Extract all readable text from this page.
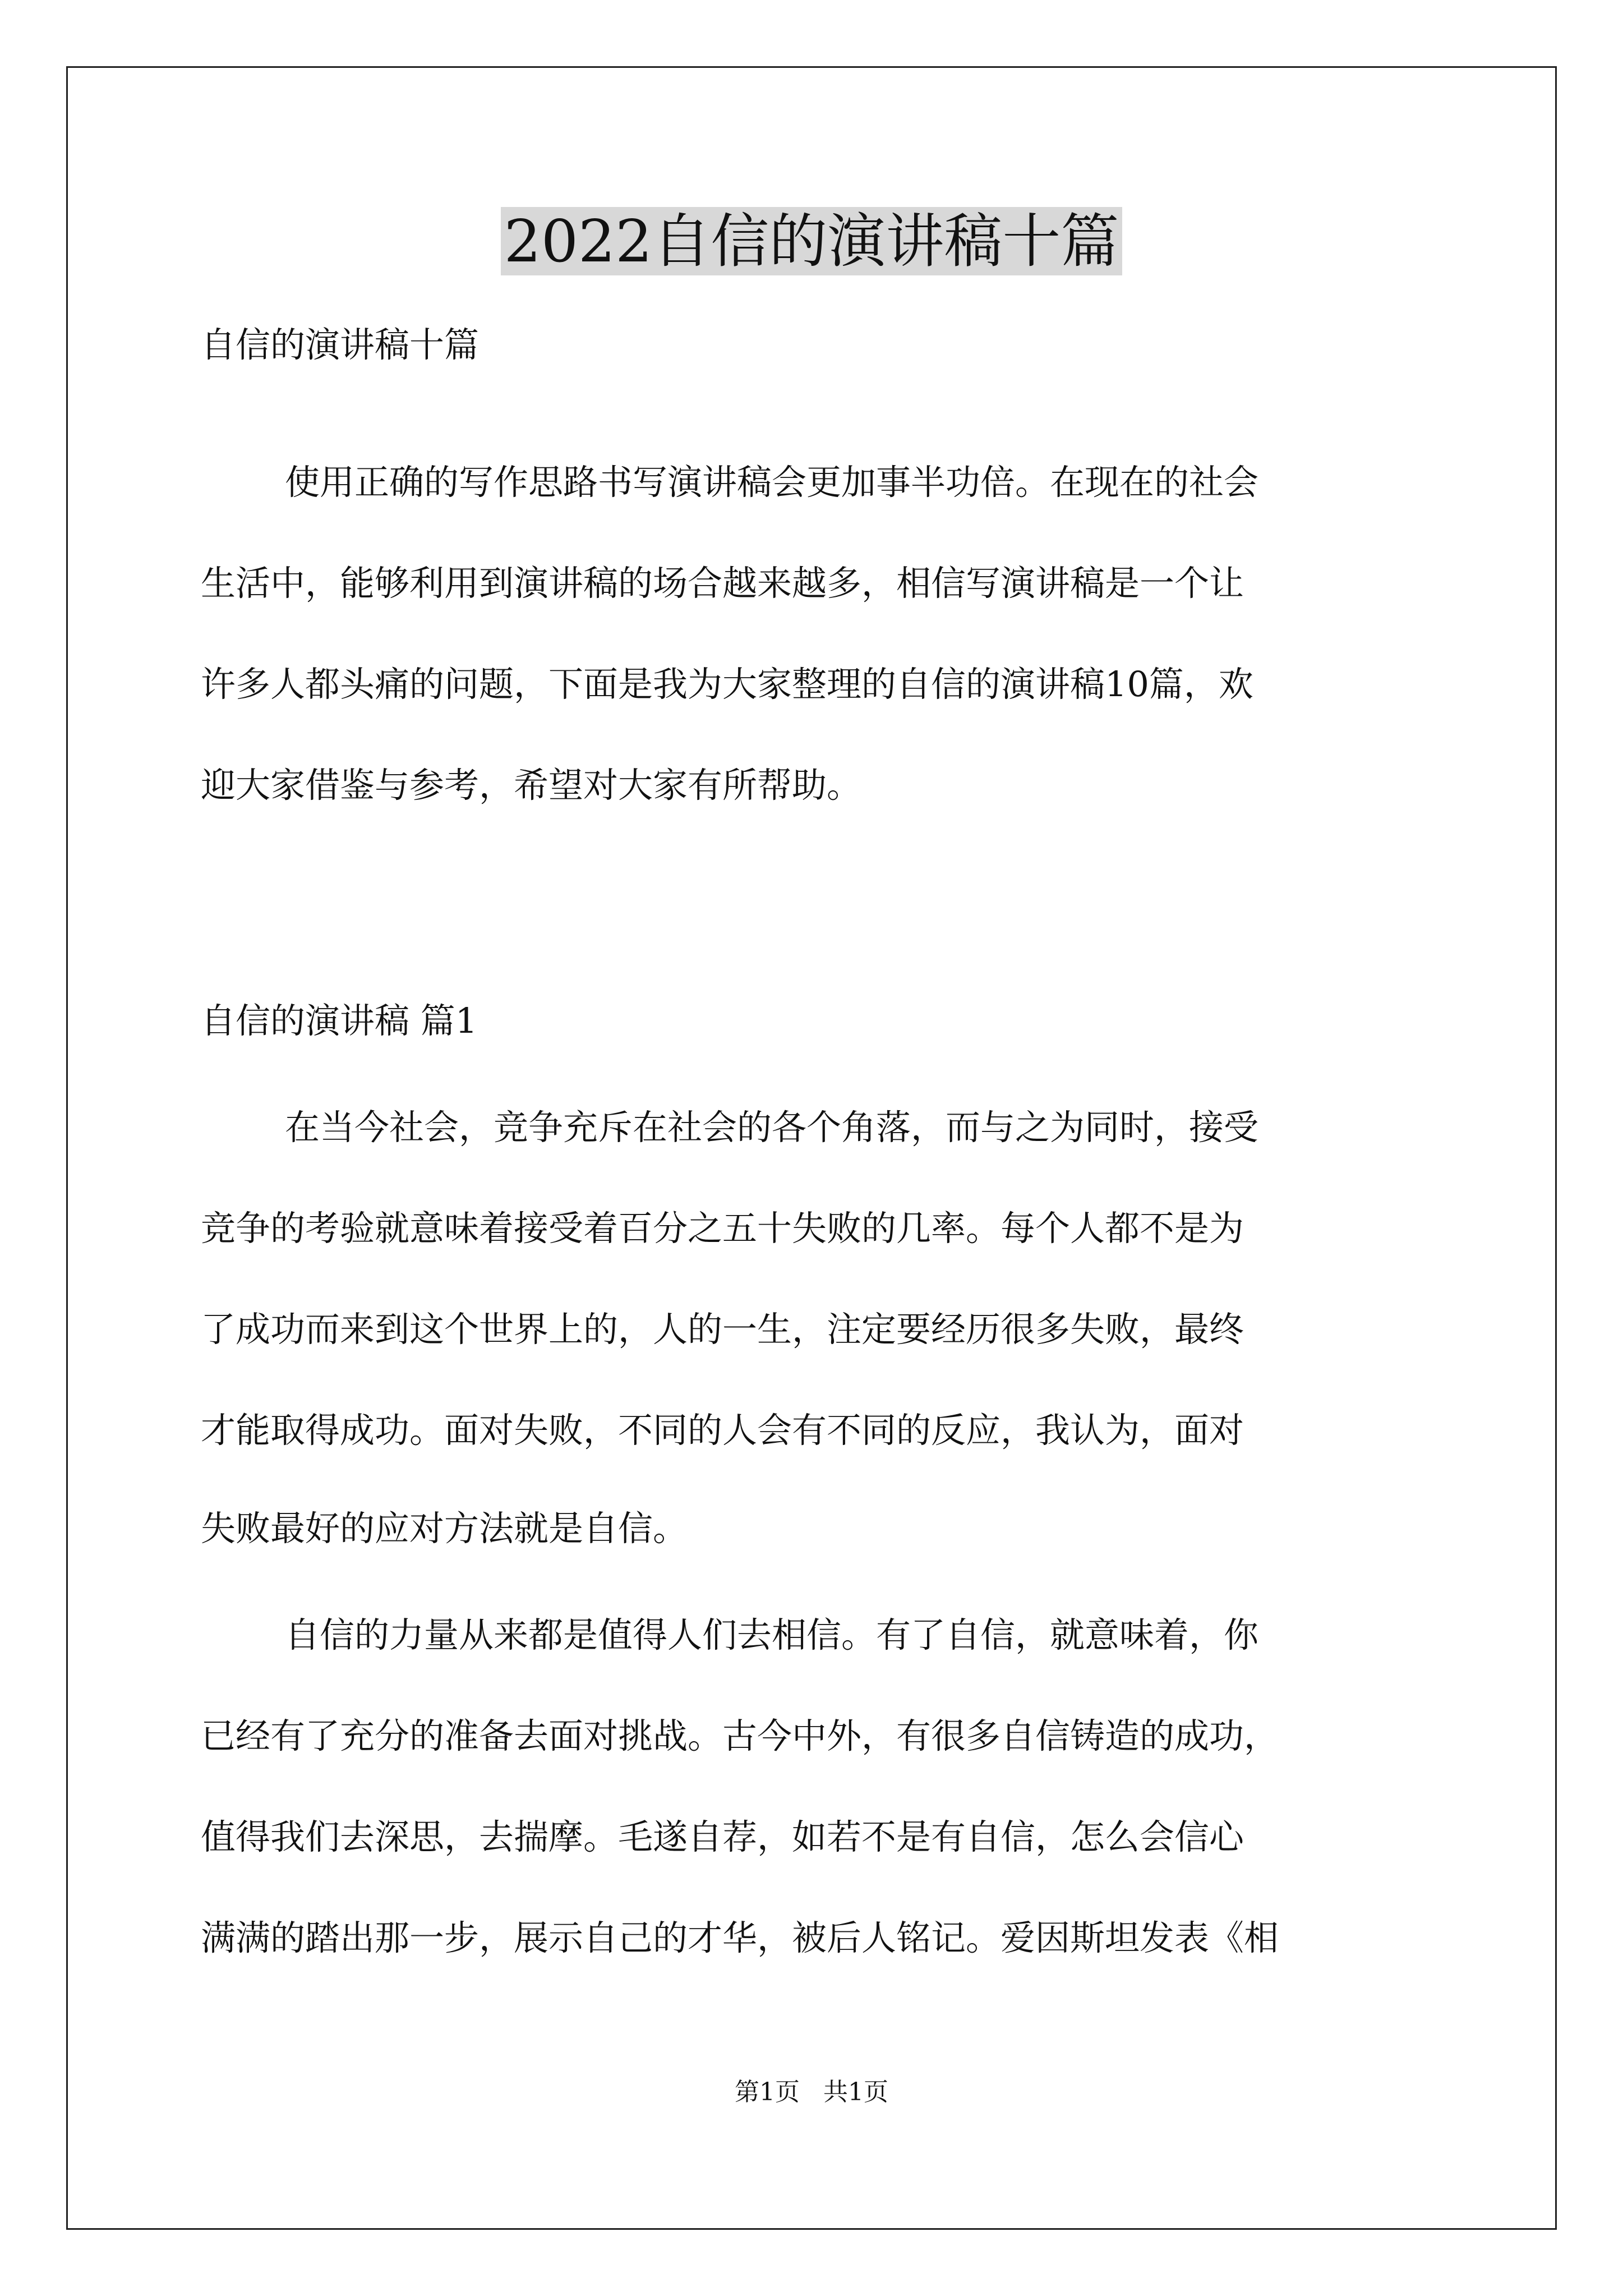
2022自信的演讲稿十篇

自信的演讲稿十篇

使用正确的写作思路书写演讲稿会更加事半功倍。在现在的社会

生活中，能够利用到演讲稿的场合越来越多，相信写演讲稿是一个让

许多人都头痛的问题，下面是我为大家整理的自信的演讲稿10篇，欢

迎大家借鉴与参考，希望对大家有所帮助。

自信的演讲稿 篇1

在当今社会，竞争充斥在社会的各个角落，而与之为同时，接受

竞争的考验就意味着接受着百分之五十失败的几率。每个人都不是为

了成功而来到这个世界上的，人的一生，注定要经历很多失败，最终

才能取得成功。面对失败，不同的人会有不同的反应，我认为，面对

失败最好的应对方法就是自信。

自信的力量从来都是值得人们去相信。有了自信，就意味着，你

已经有了充分的准备去面对挑战。古今中外，有很多自信铸造的成功，

值得我们去深思，去揣摩。毛遂自荐，如若不是有自信，怎么会信心

满满的踏出那一步，展示自己的才华，被后人铭记。爱因斯坦发表《相

第1页   共1页
